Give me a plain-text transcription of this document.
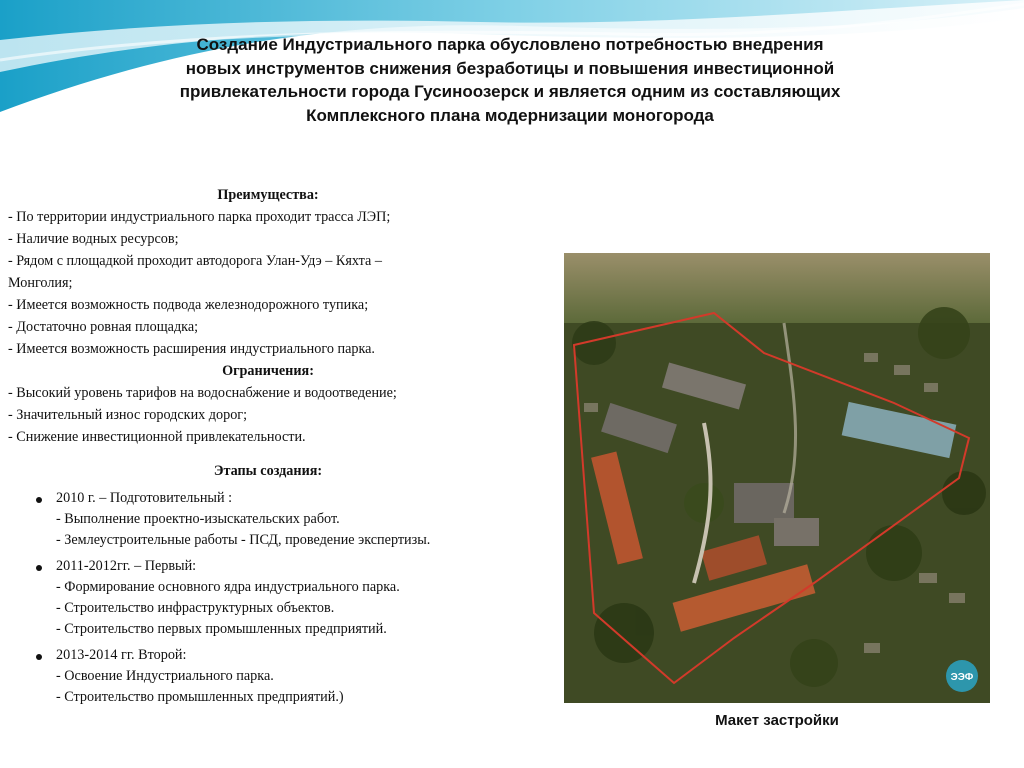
Создание Индустриального парка обусловлено потребностью внедрения
новых инструментов снижения безработицы и повышения инвестиционной
привлекательности города Гусиноозерск и является одним из составляющих
Комплексного плана модернизации моногорода
Преимущества:
- По территории индустриального парка проходит трасса ЛЭП;
- Наличие водных ресурсов;
- Рядом с площадкой проходит автодорога Улан-Удэ – Кяхта –
Монголия;
- Имеется возможность подвода железнодорожного тупика;
- Достаточно ровная площадка;
- Имеется возможность расширения индустриального парка.
Ограничения:
- Высокий уровень тарифов на водоснабжение и водоотведение;
- Значительный износ городских дорог;
- Снижение инвестиционной привлекательности.
Этапы создания:
2010 г. – Подготовительный :
- Выполнение проектно-изыскательских работ.
- Землеустроительные работы - ПСД, проведение экспертизы.
2011-2012гг. – Первый:
- Формирование основного ядра индустриального парка.
- Строительство инфраструктурных объектов.
- Строительство первых промышленных предприятий.
2013-2014 гг. Второй:
- Освоение Индустриального парка.
- Строительство промышленных предприятий.)
ЭЭФ
Макет застройки
